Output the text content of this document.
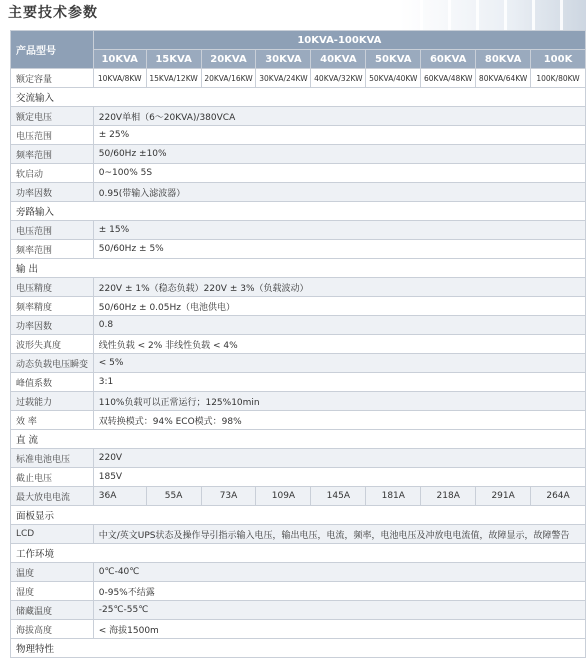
主要技术参数
产品型号	10KVA-100KVA								
	10KVA	15KVA	20KVA	30KVA	40KVA	50KVA	60KVA	80KVA	100K
额定容量	10KVA/8KW	15KVA/12KW	20KVA/16KW	30KVA/24KW	40KVA/32KW	50KVA/40KW	60KVA/48KW	80KVA/64KW	100K/80KW
交流输入									
额定电压	220V单相（6～20KVA)/380VCA								
电压范围	± 25%								
频率范围	50/60Hz ±10%								
软启动	0~100% 5S								
功率因数	0.95(带输入滤波器）								
旁路输入									
电压范围	± 15%								
频率范围	50/60Hz ± 5%								
输 出									
电压精度	220V ± 1%（稳态负载）220V ± 3%（负载波动）								
频率精度	50/60Hz ± 0.05Hz（电池供电）								
功率因数	0.8								
波形失真度	线性负载 < 2% 非线性负载 < 4%								
动态负载电压瞬变	< 5%								
峰值系数	3:1								
过载能力	110%负载可以正常运行；125%10min								
效 率	双转换模式：94% ECO模式：98%								
直 流									
标准电池电压	220V								
截止电压	185V								
最大放电电流	36A	55A	73A	109A	145A	181A	218A	291A	264A
面板显示									
LCD	中文/英文UPS状态及操作导引指示输入电压，输出电压，电流，频率，电池电压及冲放电电流值，故障显示，故障警告								
工作环境									
温度	0℃-40℃								
湿度	0-95%不结露								
储藏温度	-25℃-55℃								
海拔高度	< 海拔1500m								
物理特性									
